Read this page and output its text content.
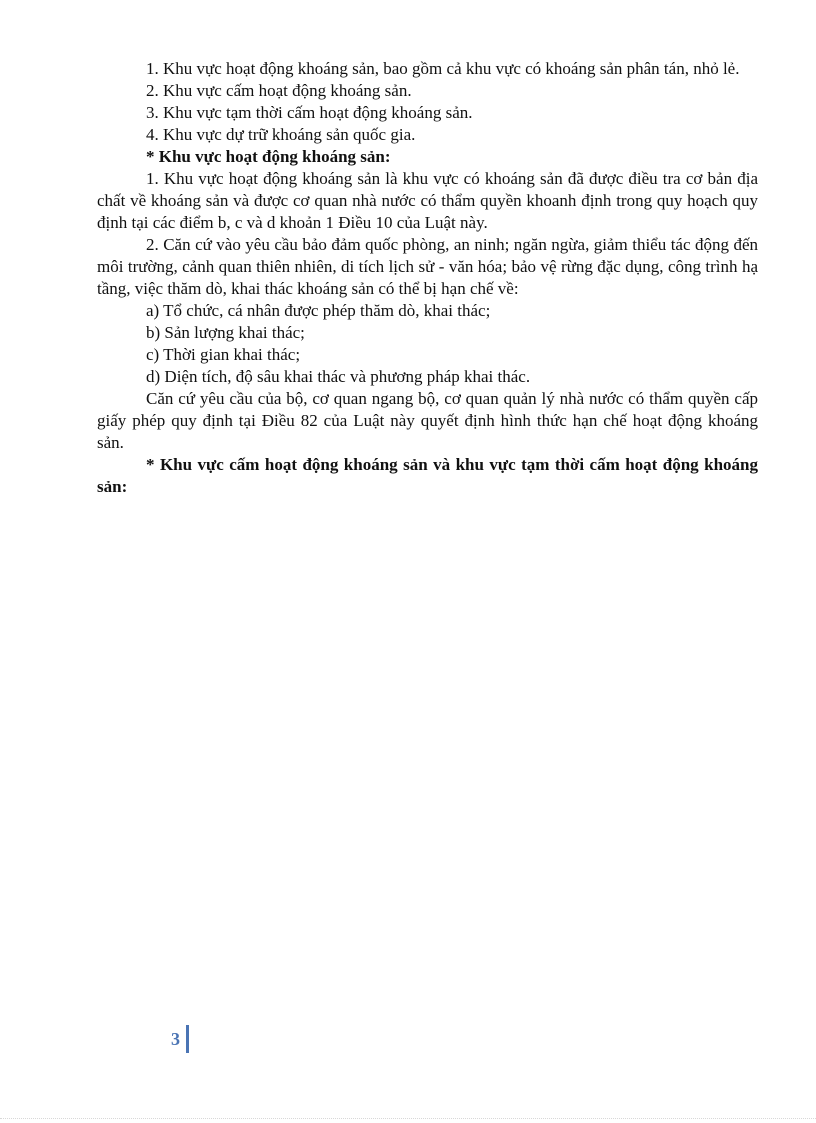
1. Khu vực hoạt động khoáng sản, bao gồm cả khu vực có khoáng sản phân tán, nhỏ lẻ.

2. Khu vực cấm hoạt động khoáng sản.

3. Khu vực tạm thời cấm hoạt động khoáng sản.

4. Khu vực dự trữ khoáng sản quốc gia.

* Khu vực hoạt động khoáng sản:

1. Khu vực hoạt động khoáng sản là khu vực có khoáng sản đã được điều tra cơ bản địa chất về khoáng sản và được cơ quan nhà nước có thẩm quyền khoanh định trong quy hoạch quy định tại các điểm b, c và d khoản 1 Điều 10 của Luật này.

2. Căn cứ vào yêu cầu bảo đảm quốc phòng, an ninh; ngăn ngừa, giảm thiểu tác động đến môi trường, cảnh quan thiên nhiên, di tích lịch sử - văn hóa; bảo vệ rừng đặc dụng, công trình hạ tầng, việc thăm dò, khai thác khoáng sản có thể bị hạn chế về:

a) Tổ chức, cá nhân được phép thăm dò, khai thác;

b) Sản lượng khai thác;

c) Thời gian khai thác;

d) Diện tích, độ sâu khai thác và phương pháp khai thác.

Căn cứ yêu cầu của bộ, cơ quan ngang bộ, cơ quan quản lý nhà nước có thẩm quyền cấp giấy phép quy định tại Điều 82 của Luật này quyết định hình thức hạn chế hoạt động khoáng sản.

* Khu vực cấm hoạt động khoáng sản và khu vực tạm thời cấm hoạt động khoáng sản:

3
